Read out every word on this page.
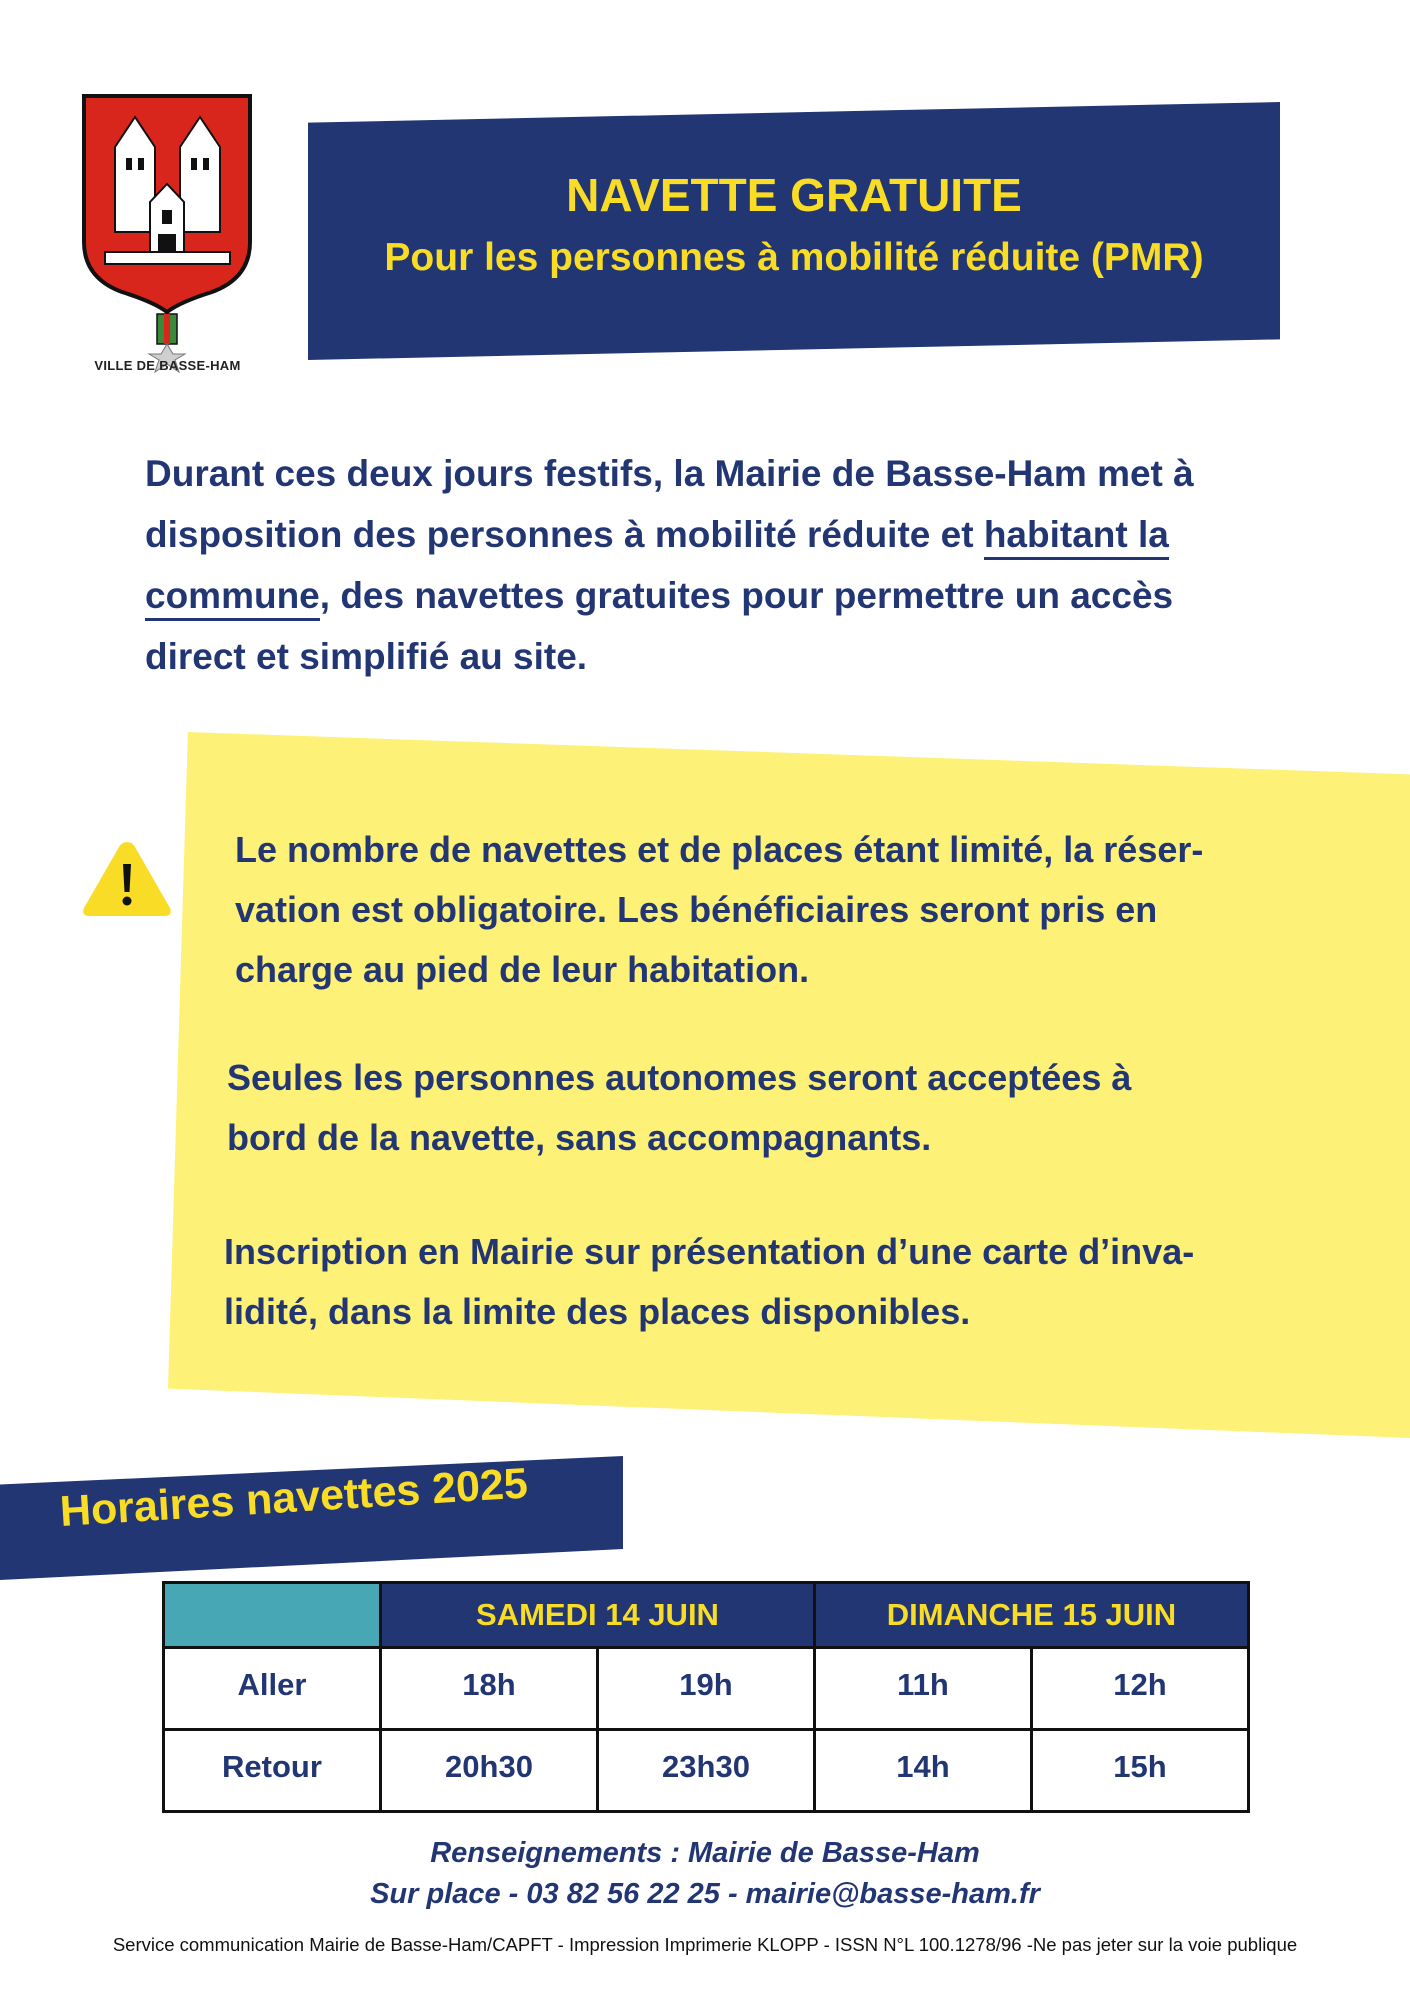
VILLE DE BASSE-HAM
NAVETTE GRATUITE
Pour les personnes à mobilité réduite (PMR)
Durant ces deux jours festifs, la Mairie de Basse-Ham met à
disposition des personnes à mobilité réduite et habitant la
commune, des navettes gratuites pour permettre un accès
direct et simplifié au site.
Le nombre de navettes et de places étant limité, la réser-
vation est obligatoire. Les bénéficiaires seront pris en
charge au pied de leur habitation.
Seules les personnes autonomes seront acceptées à
bord de la navette, sans accompagnants.
Inscription en Mairie sur présentation d’une carte d’inva-
lidité, dans la limite des places disponibles.
Horaires navettes 2025
	SAMEDI 14 JUIN		DIMANCHE 15 JUIN	
Aller	18h	19h	11h	12h
Retour	20h30	23h30	14h	15h
Renseignements : Mairie de Basse-Ham
Sur place - 03 82 56 22 25 - mairie@basse-ham.fr
Service communication Mairie de Basse-Ham/CAPFT - Impression Imprimerie KLOPP - ISSN N°L 100.1278/96 -Ne pas jeter sur la voie publique
